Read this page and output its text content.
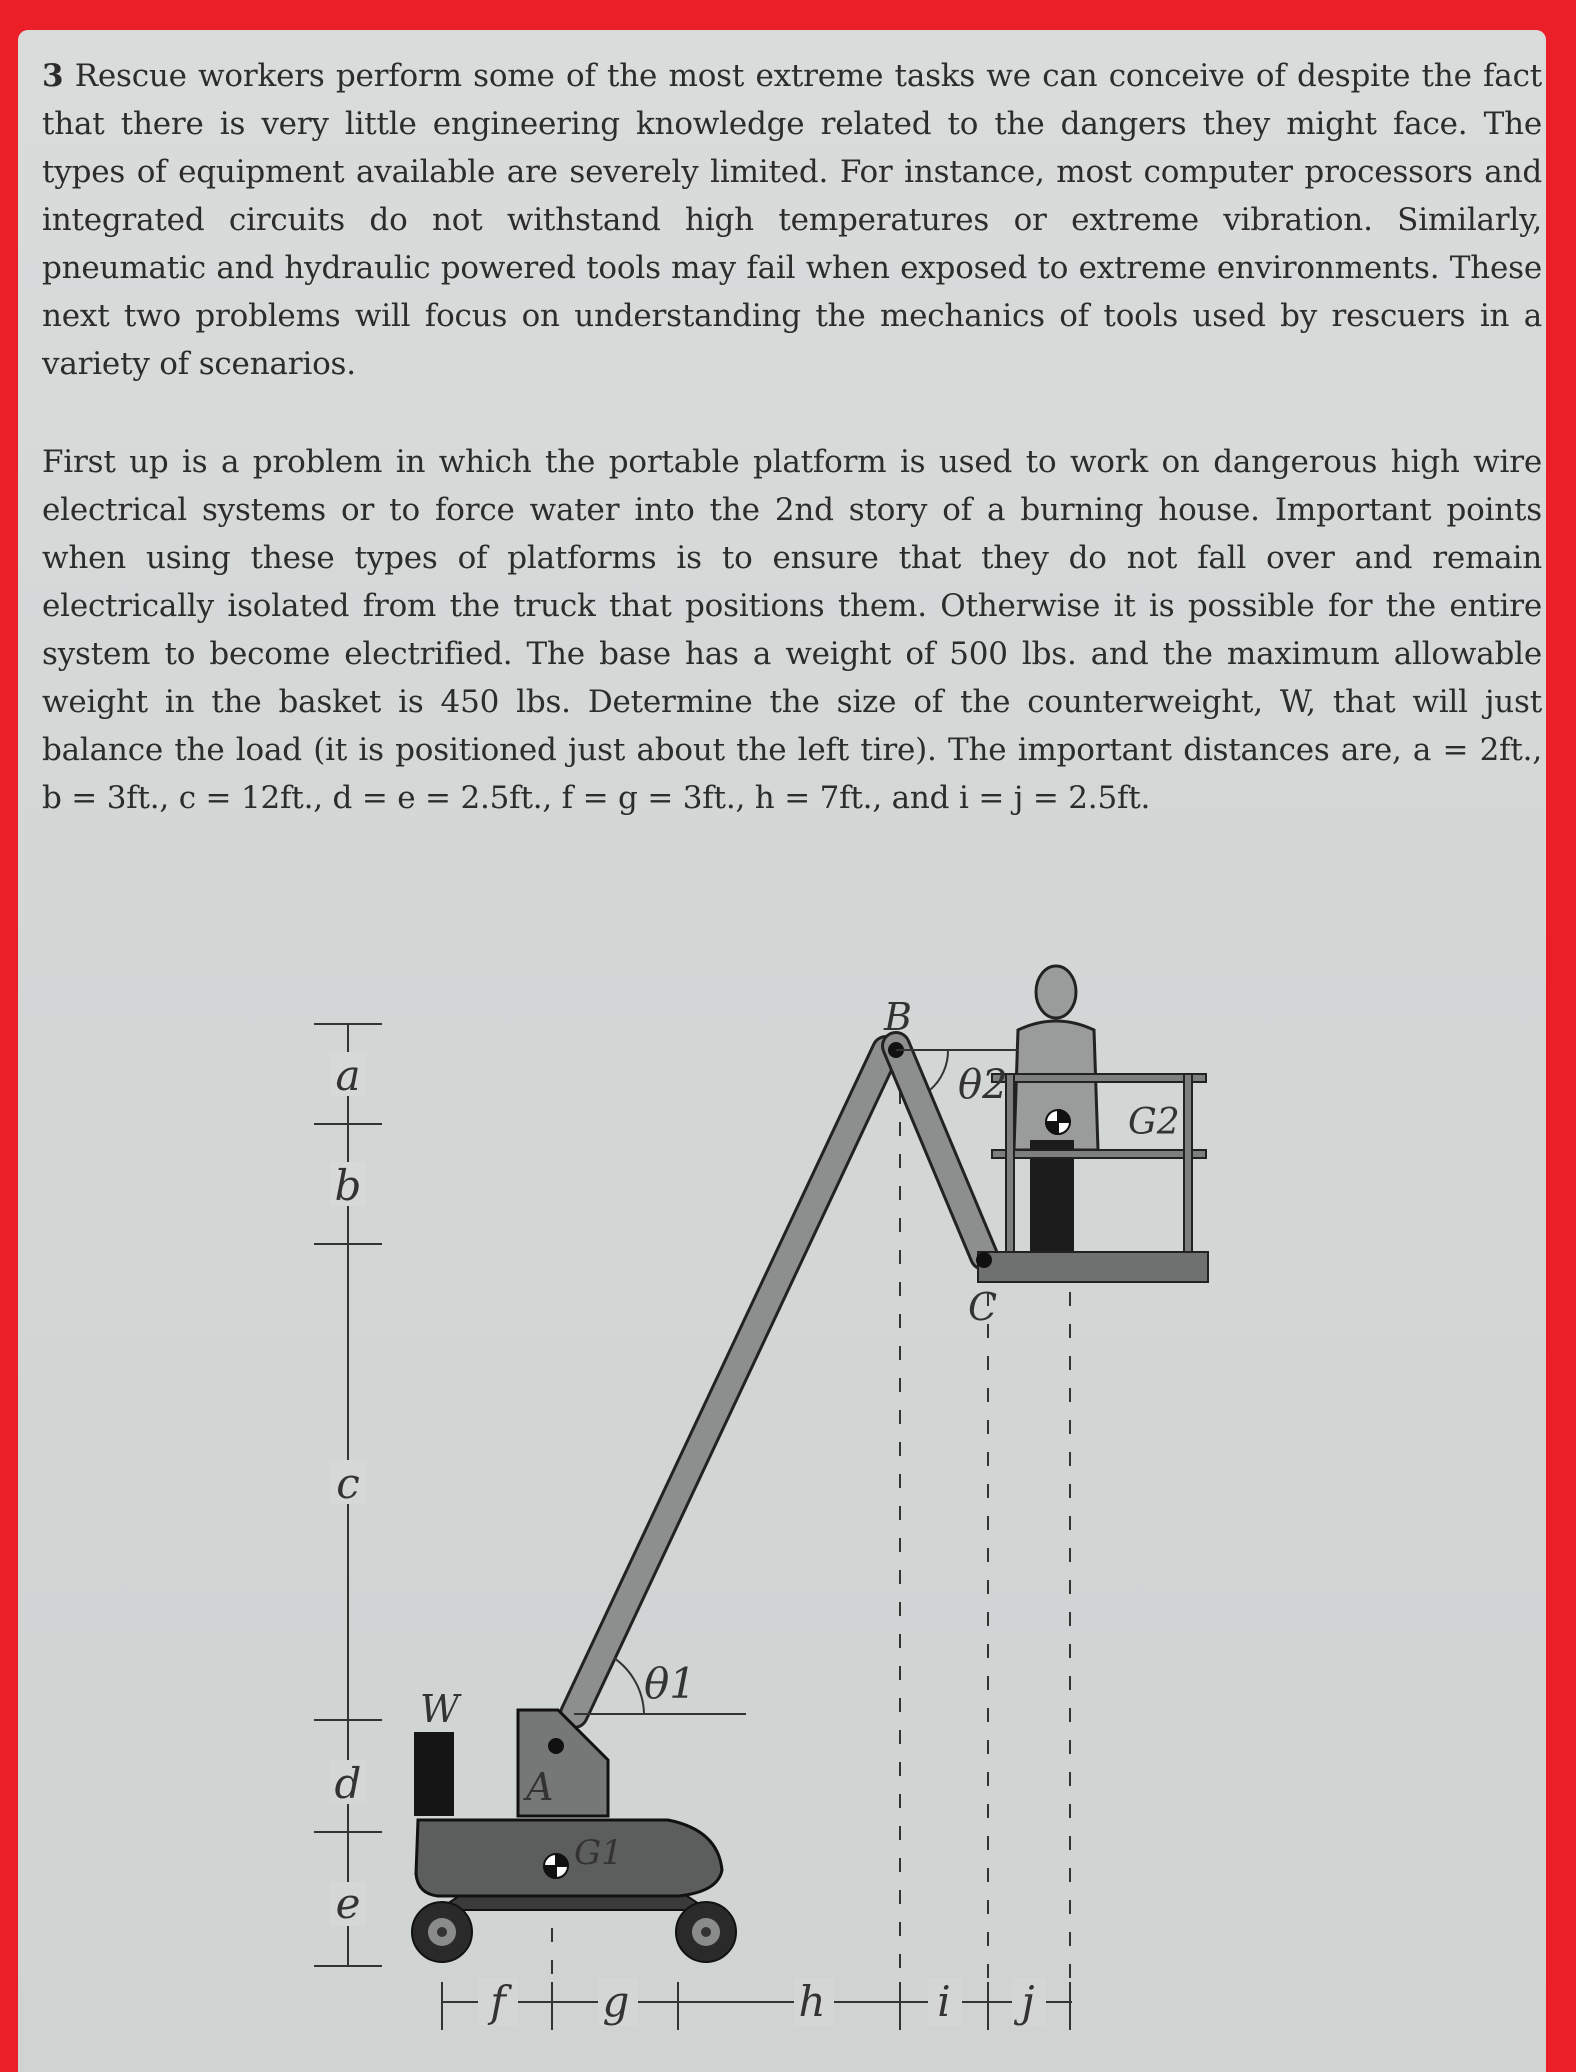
3 Rescue workers perform some of the most extreme tasks we can conceive of despite the fact that there is very little engineering knowledge related to the dangers they might face. The types of equipment available are severely limited. For instance, most computer processors and integrated circuits do not withstand high temperatures or extreme vibration. Similarly, pneumatic and hydraulic powered tools may fail when exposed to extreme environments. These next two problems will focus on understanding the mechanics of tools used by rescuers in a variety of scenarios.

First up is a problem in which the portable platform is used to work on dangerous high wire electrical systems or to force water into the 2nd story of a burning house. Important points when using these types of platforms is to ensure that they do not fall over and remain electrically isolated from the truck that positions them. Otherwise it is possible for the entire system to become electrified. The base has a weight of 500 lbs. and the maximum allowable weight in the basket is 450 lbs. Determine the size of the counterweight, W, that will just balance the load (it is positioned just about the left tire). The important distances are, a = 2ft., b = 3ft., c = 12ft., d = e = 2.5ft., f = g = 3ft., h = 7ft., and i = j = 2.5ft.

a
b
c
d
e
G2
B
C
θ2
A
W
G1
θ1
f g	h	i j
